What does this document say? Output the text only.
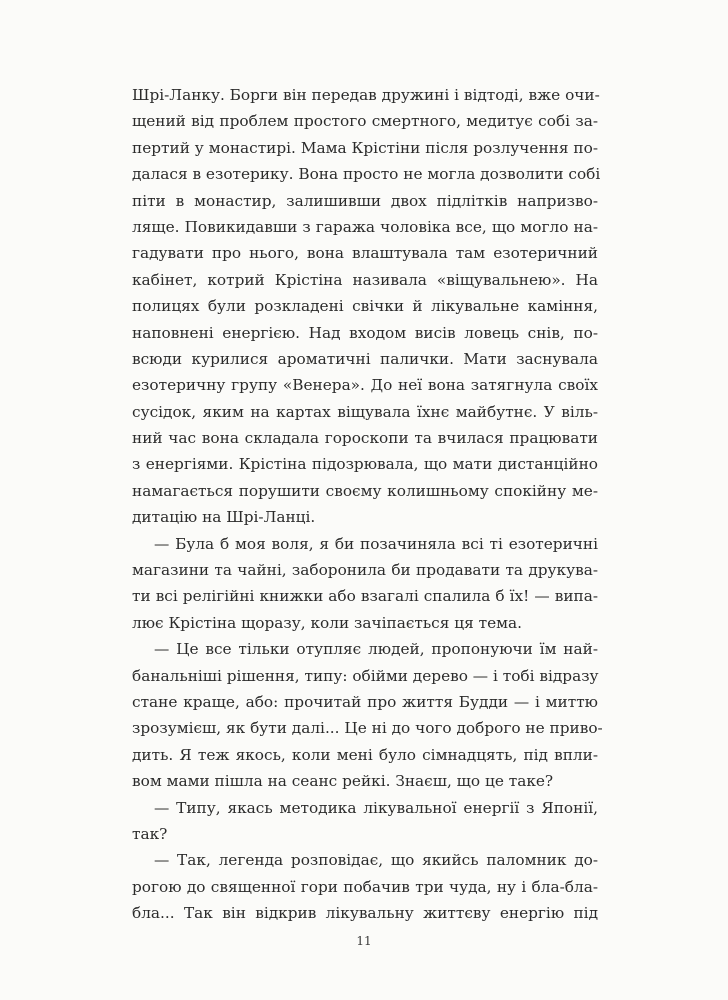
Шрі-Ланку. Борги він передав дружині і відтоді, вже очи-
щений від проблем простого смертного, медитує собі за-
пертий у монастирі. Мама Крістіни після розлучення по-
далася в езотерику. Вона просто не могла дозволити собі
піти в монастир, залишивши двох підлітків напризво-
лящe. Повикидавши з гаража чоловіка все, що могло на-
гадувати про нього, вона влаштувала там езотеричний
кабінет, котрий Крістіна називала «віщувальнею». На
полицях були розкладені свічки й лікувальне каміння,
наповнені енергією. Над входом висів ловець снів, по-
всюди курилися ароматичні палички. Мати заснувала
езотеричну групу «Венера». До неї вона затягнула своїх
сусідок, яким на картах віщувала їхнє майбутнє. У віль-
ний час вона складала гороскопи та вчилася працювати
з енергіями. Крістіна підозрювала, що мати дистанційно
намагається порушити своєму колишньому спокійну ме-
дитацію на Шрі-Ланці.
— Була б моя воля, я би позачиняла всі ті езотеричні
магазини та чайні, заборонила би продавати та друкува-
ти всі релігійні книжки або взагалі спалила б їх! — випа-
лює Крістіна щоразу, коли зачіпається ця тема.
— Це все тільки отупляє людей, пропонуючи їм най-
банальніші рішення, типу: обійми дерево — і тобі відразу
стане краще, або: прочитай про життя Будди — і миттю
зрозумієш, як бути далі... Це ні до чого доброго не приво-
дить. Я теж якось, коли мені було сімнадцять, під впли-
вом мами пішла на сеанс рейкі. Знаєш, що це таке?
— Типу, якась методика лікувальної енергії з Японії,
так?
— Так, легенда розповідає, що якийсь паломник до-
рогою до священної гори побачив три чуда, ну і бла-бла-
бла... Так він відкрив лікувальну життєву енергію під
11
